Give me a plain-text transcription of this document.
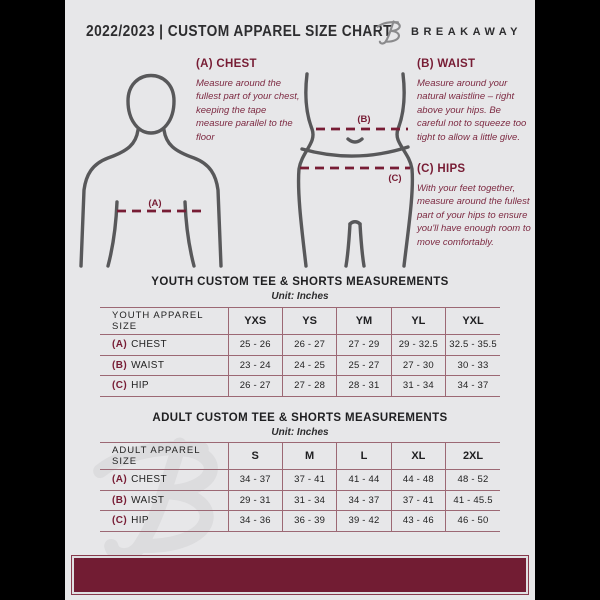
2022/2023 | CUSTOM APPAREL SIZE CHART BREAKAWAY
(A)
(B)
(C)
(A) CHEST

Measure around the fullest part of your chest, keeping the tape measure parallel to the floor

(B) WAIST

Measure around your natural waistline – right above your hips. Be careful not to squeeze too tight to allow a little give.

(C) HIPS

With your feet together, measure around the fullest part of your hips to ensure you'll have enough room to move comfortably.

YOUTH CUSTOM TEE & SHORTS MEASUREMENTS
Unit: Inches
YOUTH APPAREL SIZE	YXS	YS	YM	YL	YXL
(A) CHEST	25 - 26	26 - 27	27 - 29	29 - 32.5	32.5 - 35.5
(B) WAIST	23 - 24	24 - 25	25 - 27	27 - 30	30 - 33
(C) HIP	26 - 27	27 - 28	28 - 31	31 - 34	34 - 37
ADULT CUSTOM TEE & SHORTS MEASUREMENTS
Unit: Inches
ADULT APPAREL SIZE	S	M	L	XL	2XL
(A) CHEST	34 - 37	37 - 41	41 - 44	44 - 48	48 - 52
(B) WAIST	29 - 31	31 - 34	34 - 37	37 - 41	41 - 45.5
(C) HIP	34 - 36	36 - 39	39 - 42	43 - 46	46 - 50
